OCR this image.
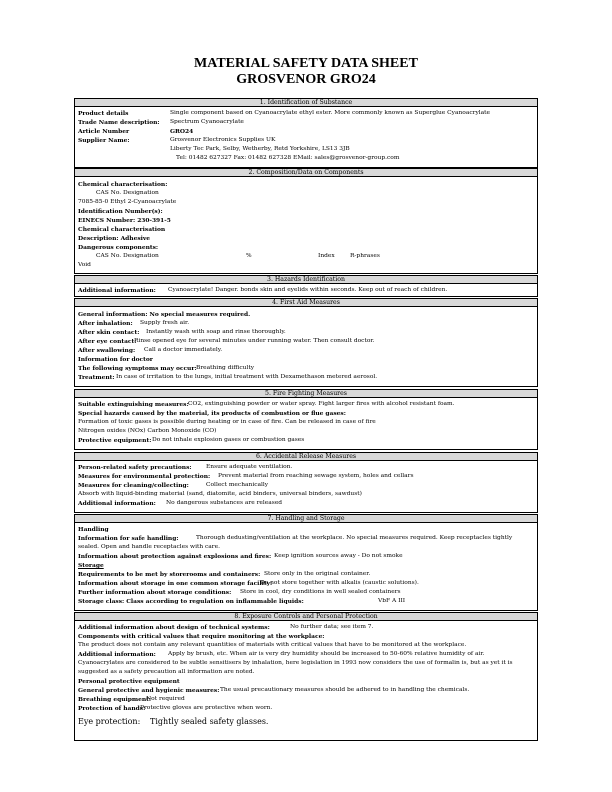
MATERIAL SAFETY DATA SHEET
GROSVENOR GRO24
1. Identification of Substance
Product details	Single component based on Cyanoacrylate ethyl ester. More commonly known as Superglue Cyanoacrylate
Trade Name description: Spectrum Cyanoacrylate
Article Number	GRO24
Supplier Name:	Grosvenor Electronics Supplies UK
Liberty Tec Park, Selby, Wetherby, Retd Yorkshire, LS13 3JB
Tel: 01482 627327 Fax: 01482 627328 EMail: sales@grosvenor-group.com
2. Composition/Data on Components
Chemical characterisation:
CAS No. Designation
7085-85-0 Ethyl 2-Cyanoacrylate
Identification Number(s):
EINECS Number: 230-391-5
Chemical characterisation
Description: Adhesive
Dangerous components:
CAS No. Designation	%	Index	R-phrases
Void
3. Hazards Identification
Additional information: Cyanoacrylate! Danger. bonds skin and eyelids within seconds. Keep out of reach of children.
4. First Aid Measures
General information: No special measures required.
After inhalation: Supply fresh air.
After skin contact: Instantly wash with soap and rinse thoroughly.
After eye contact:
Rinse opened eye for several minutes under running water. Then consult doctor.
After swallowing: Call a doctor immediately.
Information for doctor
The following symptoms may occur: Breathing difficulty
Treatment: In case of irritation to the lungs, initial treatment with Dexamethason metered aerosol.
5. Fire Fighting Measures
Suitable extinguishing measures: CO2, extinguishing powder or water spray. Fight larger fires with alcohol resistant foam.
Special hazards caused by the material, its products of combustion or flue gases:
Formation of toxic gases is possible during heating or in case of fire. Can be released in case of fire
Nitrogen oxides (NOx) Carbon Monoxide (CO)
Protective equipment: Do not inhale explosion gases or combustion gases
6. Accidental Release Measures
Person-related safety precautions: Ensure adequate ventilation.
Measures for environmental protection: Prevent material from reaching sewage system, holes and cellars
Measures for cleaning/collecting:	Collect mechanically
Absorb with liquid-binding material (sand, diatomite, acid binders, universal binders, sawdust)
Additional information: No dangerous substances are released
7. Handling and Storage
Handling
Information for safe handling:	Thorough dedusting/ventilation at the workplace. No special measures required. Keep receptacles tightly
sealed. Open and handle receptacles with care.
Information about protection against explosions and fires: Keep ignition sources away - Do not smoke
Storage
Requirements to be met by storerooms and containers: Store only in the original container.
Information about storage in one common storage facility:
Do not store together with alkalis (caustic solutions).
Further information about storage conditions: Store in cool, dry conditions in well sealed containers
Storage class: Class according to regulation on inflammable liquids:	VbF A III
8. Exposure Controls and Personal Protection
Additional information about design of technical systems:	No further data; see item 7.
Components with critical values that require monitoring at the workplace:
The product does not contain any relevant quantities of materials with critical values that have to be monitored at the workplace.
Additional information: Apply by brush, etc. When air is very dry humidity should be increased to 50-60% relative humidity of air.
Cyanoacrylates are considered to be subtle sensitisers by inhalation, here legislation in 1993 now considers the use of formalin is, but as yet it is
suggested as a safety precaution all information are noted.
Personal protective equipment
General protective and hygienic measures: The usual precautionary measures should be adhered to in handling the chemicals.
Breathing equipment:
Not required
Protection of hands:
Protective gloves are protective when worn.
Eye protection: Tightly sealed safety glasses.
